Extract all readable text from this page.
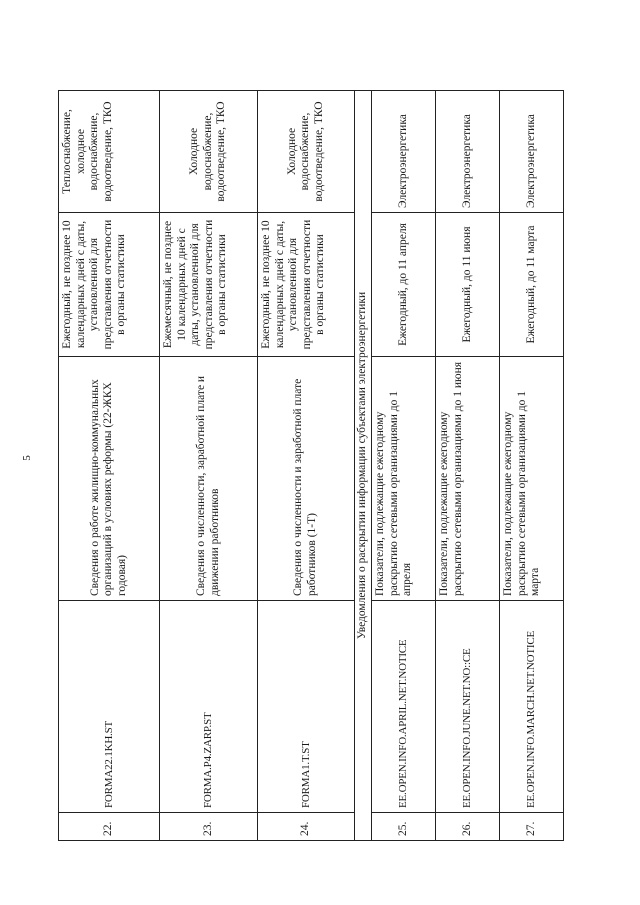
5
22.	FORMA22.1KH.ST	Сведения о работе жилищно-коммунальных организаций в условиях реформы (22-ЖКХ годовая)	Ежегодный, не позднее 10 календарных дней с даты, установленной для представления отчетности в органы статистики	Теплоснабжение, холодное водоснабжение, водоотведение, ТКО
23.	FORMA.P4.ZARP.ST	Сведения о численности, заработной плате и движении работников	Ежемесячный, не позднее 10 календарных дней с даты, установленной для представления отчетности в органы статистики	Холодное водоснабжение, водоотведение, ТКО
24.	FORMA1.T.ST	Сведения о численности и заработной плате работников (1-Т)	Ежегодный, не позднее 10 календарных дней с даты, установленной для представления отчетности в органы статистики	Холодное водоснабжение, водоотведение, ТКО
Уведомления о раскрытии информации субъектами электроэнергетики				
25.	EE.OPEN.INFO.APRIL.NET.NOTICE	Показатели, подлежащие ежегодному раскрытию сетевыми организациями до 1 апреля	Ежегодный, до 11 апреля	Электроэнергетика
26.	EE.OPEN.INFO.JUNE.NET.NO::CE	Показатели, подлежащие ежегодному раскрытию сетевыми организациями до 1 июня	Ежегодный, до 11 июня	Электроэнергетика
27.	EE.OPEN.INFO.MARCH.NET.NOTICE	Показатели, подлежащие ежегодному раскрытию сетевыми организациями до 1 марта	Ежегодный, до 11 марта	Электроэнергетика
